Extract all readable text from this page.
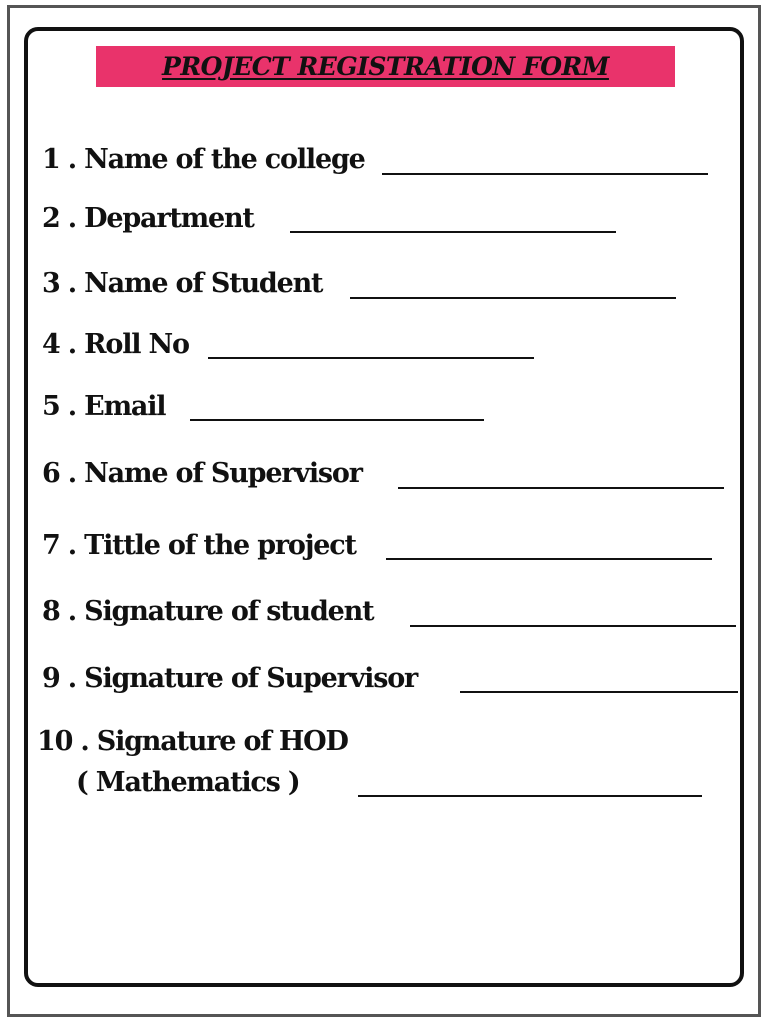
PROJECT REGISTRATION FORM
1 . Name of the college
2 . Department
3 . Name of Student
4 . Roll No
5 . Email
6 . Name of Supervisor
7 . Tittle of the project
8 . Signature of student
9 . Signature of Supervisor
10 . Signature of HOD
( Mathematics )
